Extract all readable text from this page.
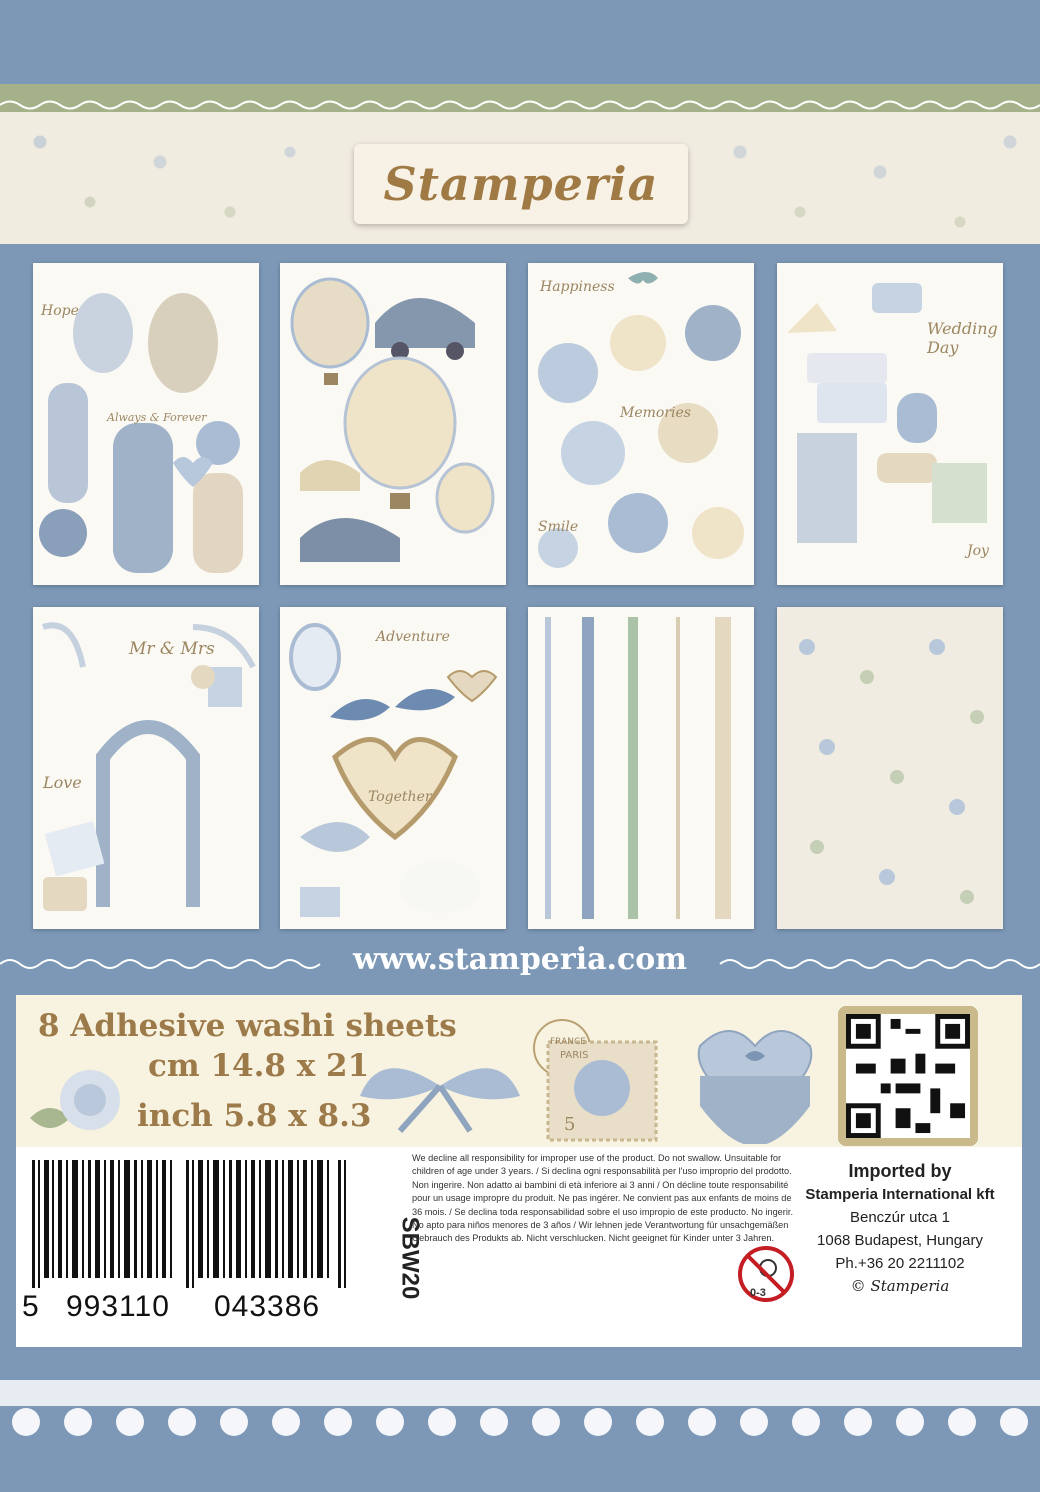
Stamperia
Hope
Always & Forever
Happiness
Memories
Smile
Wedding Day
Joy
Mr & Mrs
Love
Adventure
Together
www.stamperia.com
8 Adhesive washi sheets
cm 14.8 x 21
inch 5.8 x 8.3
FRANCE
PARIS
5
5 993110 043386
SBW20

We decline all responsibility for improper use of the product. Do not swallow. Unsuitable for children of age under 3 years. / Si declina ogni responsabilità per l'uso improprio del prodotto. Non ingerire. Non adatto ai bambini di età inferiore ai 3 anni / On décline toute responsabilité pour un usage impropre du produit. Ne pas ingérer. Ne convient pas aux enfants de moins de 36 mois. / Se declina toda responsabilidad sobre el uso impropio de este producto. No ingerir. No apto para niños menores de 3 años / Wir lehnen jede Verantwortung für unsachgemäßen Gebrauch des Produkts ab. Nicht verschlucken. Nicht geeignet für Kinder unter 3 Jahren.

0-3
Imported by
Stamperia International kft
Benczúr utca 1
1068 Budapest, Hungary
Ph.+36 20 2211102
© Stamperia
